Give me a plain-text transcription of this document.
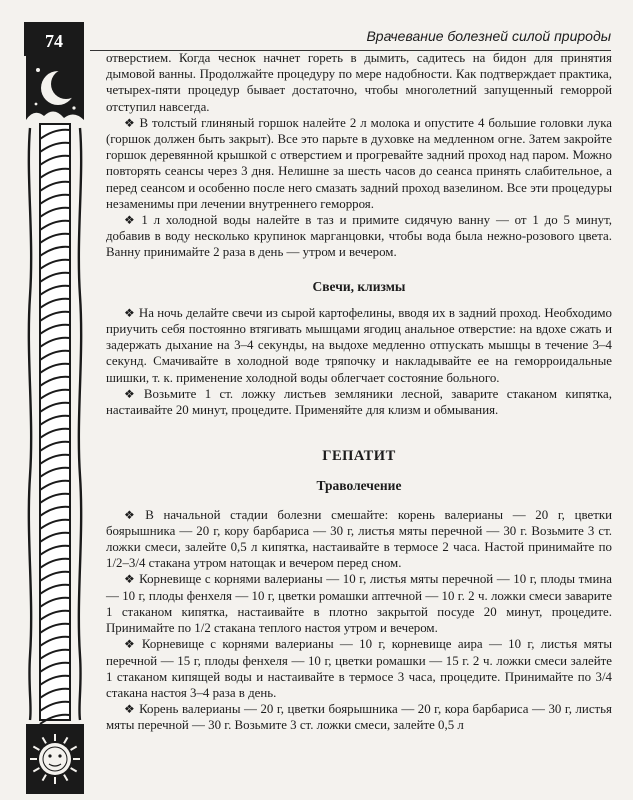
74	Врачевание болезней силой природы

отверстием. Когда чеснок начнет гореть в дымить, садитесь на бидон для принятия дымовой ванны. Продолжайте процедуру по мере надобности. Как подтверждает практика, четырех-пяти процедур бывает достаточно, чтобы многолетний запущенный геморрой отступил навсегда.

❖ В толстый глиняный горшок налейте 2 л молока и опустите 4 большие головки лука (горшок должен быть закрыт). Все это парьте в духовке на медленном огне. Затем закройте горшок деревянной крышкой с отверстием и прогревайте задний проход над паром. Можно повторять сеансы через 3 дня. Нелишне за шесть часов до сеанса принять слабительное, а перед сеансом и особенно после него смазать задний проход вазелином. Все эти процедуры незаменимы при лечении внутреннего геморроя.

❖ 1 л холодной воды налейте в таз и примите сидячую ванну — от 1 до 5 минут, добавив в воду несколько крупинок марганцовки, чтобы вода была нежно-розового цвета. Ванну принимайте 2 раза в день — утром и вечером.

Свечи, клизмы

❖ На ночь делайте свечи из сырой картофелины, вводя их в задний проход. Необходимо приучить себя постоянно втягивать мышцами ягодиц анальное отверстие: на вдохе сжать и задержать дыхание на 3–4 секунды, на выдохе медленно отпускать мышцы в течение 3–4 секунд. Смачивайте в холодной воде тряпочку и накладывайте ее на геморроидальные шишки, т. к. применение холодной воды облегчает состояние больного.

❖ Возьмите 1 ст. ложку листьев земляники лесной, заварите стаканом кипятка, настаивайте 20 минут, процедите. Применяйте для клизм и обмывания.

ГЕПАТИТ
Траволечение

❖ В начальной стадии болезни смешайте: корень валерианы — 20 г, цветки боярышника — 20 г, кору барбариса — 30 г, листья мяты перечной — 30 г. Возьмите 3 ст. ложки смеси, залейте 0,5 л кипятка, настаивайте в термосе 2 часа. Настой принимайте по 1/2–3/4 стакана утром натощак и вечером перед сном.

❖ Корневище с корнями валерианы — 10 г, листья мяты перечной — 10 г, плоды тмина — 10 г, плоды фенхеля — 10 г, цветки ромашки аптечной — 10 г. 2 ч. ложки смеси заварите 1 стаканом кипятка, настаивайте в плотно закрытой посуде 20 минут, процедите. Принимайте по 1/2 стакана теплого настоя утром и вечером.

❖ Корневище с корнями валерианы — 10 г, корневище аира — 10 г, листья мяты перечной — 15 г, плоды фенхеля — 10 г, цветки ромашки — 15 г. 2 ч. ложки смеси залейте 1 стаканом кипящей воды и настаивайте в термосе 3 часа, процедите. Принимайте по 3/4 стакана настоя 3–4 раза в день.

❖ Корень валерианы — 20 г, цветки боярышника — 20 г, кора барбариса — 30 г, листья мяты перечной — 30 г. Возьмите 3 ст. ложки смеси, залейте 0,5 л
